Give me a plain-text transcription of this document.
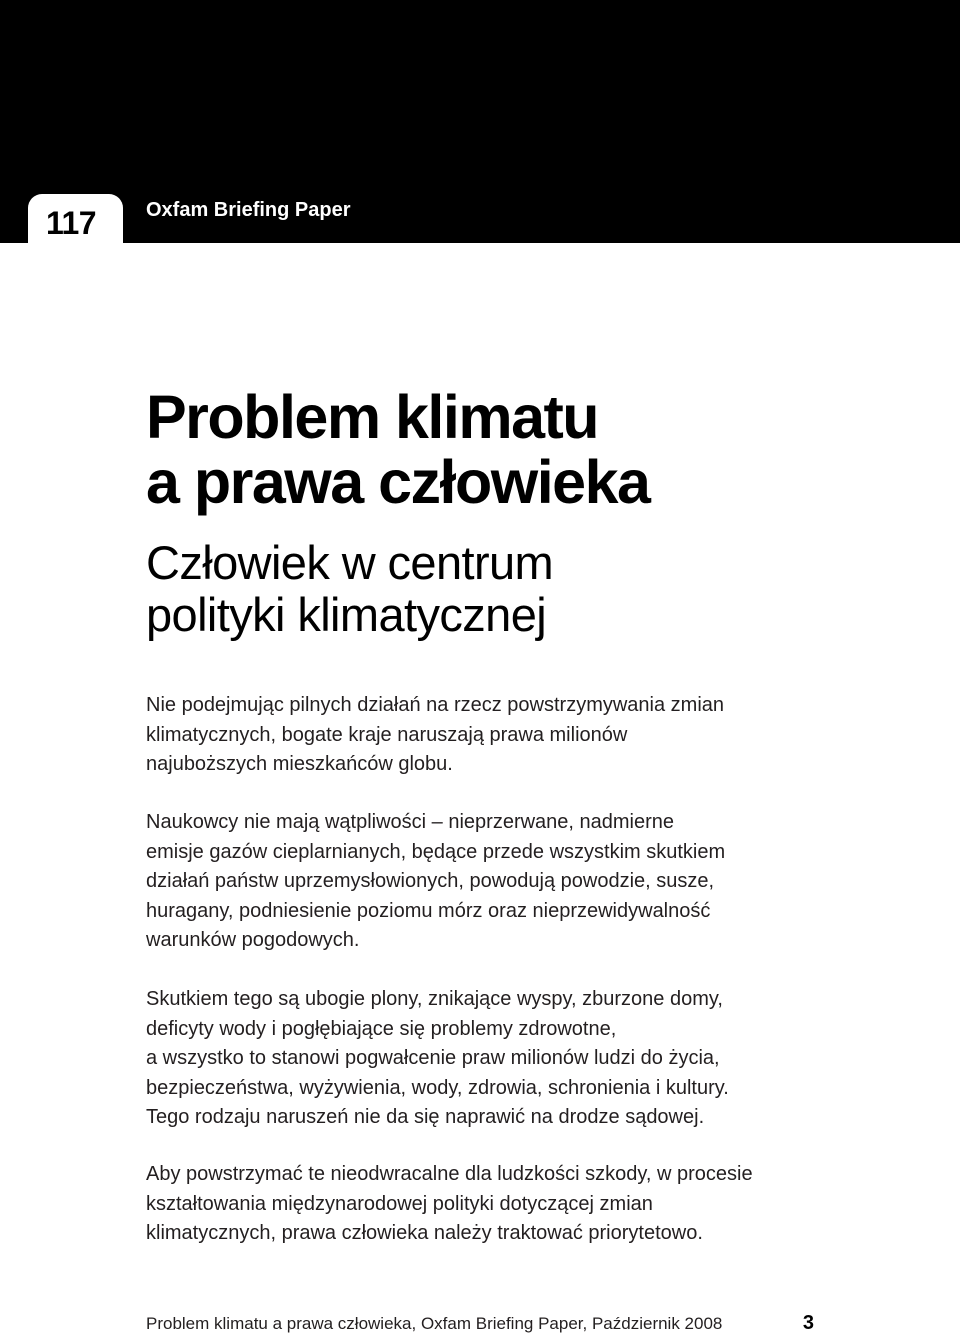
117	Oxfam Briefing Paper
Problem klimatu
a prawa człowieka
Człowiek w centrum
polityki klimatycznej

Nie podejmując pilnych działań na rzecz powstrzymywania zmian
klimatycznych, bogate kraje naruszają prawa milionów
najuboższych mieszkańców globu.

Naukowcy nie mają wątpliwości – nieprzerwane, nadmierne
emisje gazów cieplarnianych, będące przede wszystkim skutkiem
działań państw uprzemysłowionych, powodują powodzie, susze,
huragany, podniesienie poziomu mórz oraz nieprzewidywalność
warunków pogodowych.

Skutkiem tego są ubogie plony, znikające wyspy, zburzone domy,
deficyty wody i pogłębiające się problemy zdrowotne,
a wszystko to stanowi pogwałcenie praw milionów ludzi do życia,
bezpieczeństwa, wyżywienia, wody, zdrowia, schronienia i kultury.
Tego rodzaju naruszeń nie da się naprawić na drodze sądowej.

Aby powstrzymać te nieodwracalne dla ludzkości szkody, w procesie
kształtowania międzynarodowej polityki dotyczącej zmian
klimatycznych, prawa człowieka należy traktować priorytetowo.

Problem klimatu a prawa człowieka, Oxfam Briefing Paper, Październik 2008	3
